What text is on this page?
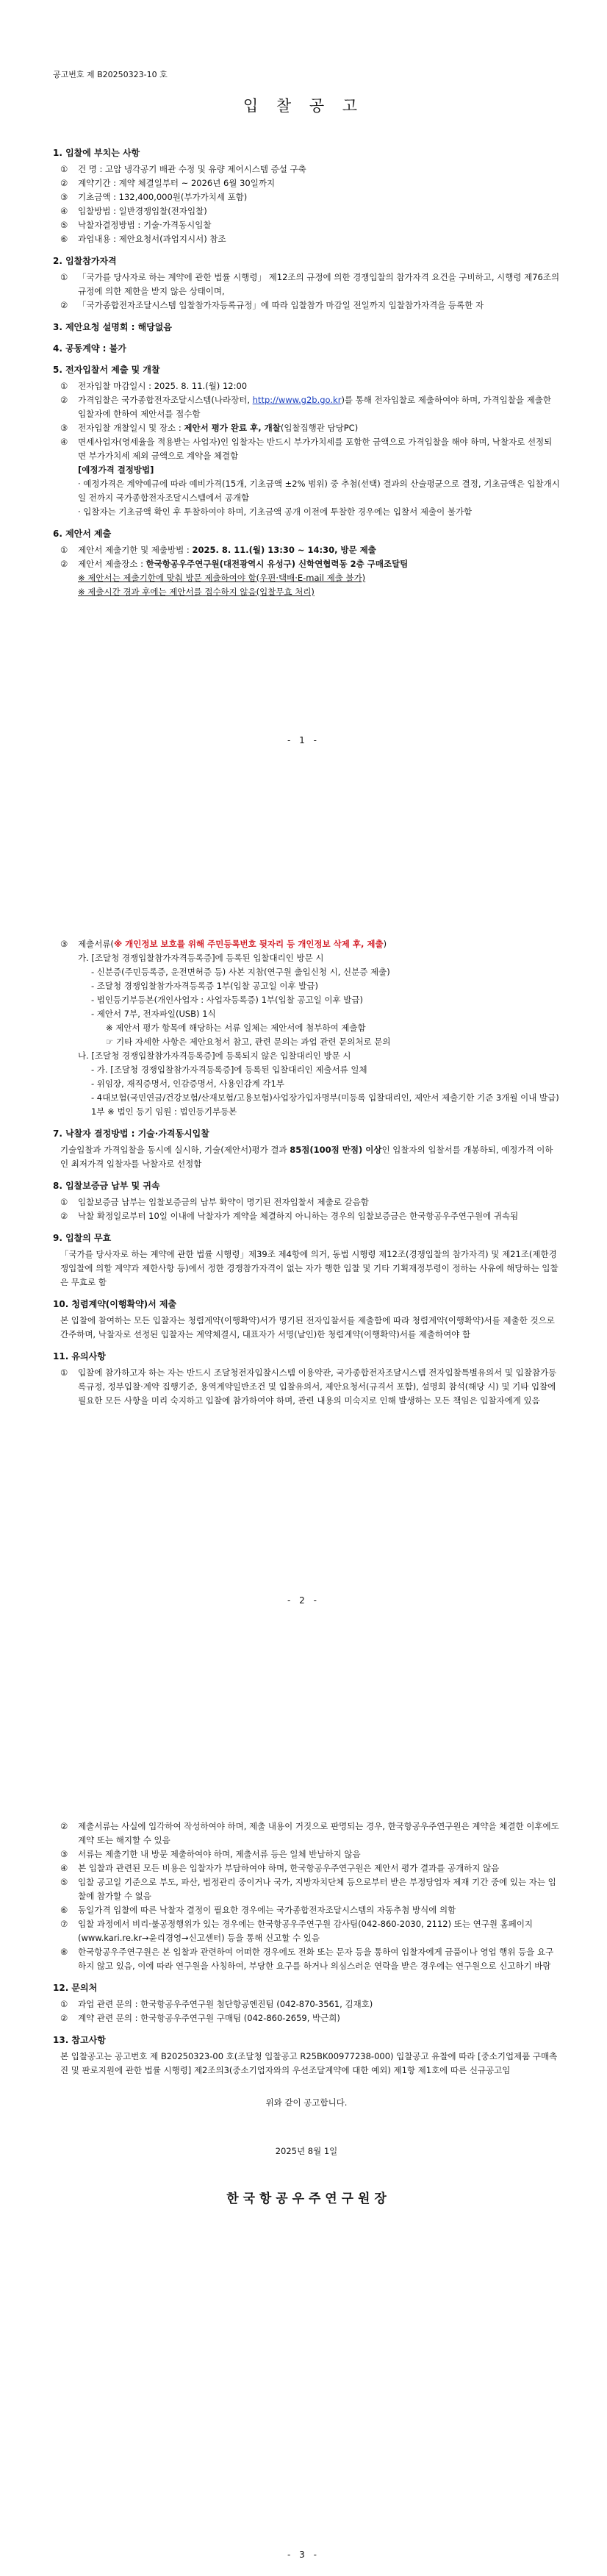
공고번호 제 B20250323-10 호
입 찰 공 고
1. 입찰에 부치는 사항
①	건 명 : 고압 냉각공기 배관 수정 및 유량 제어시스템 증설 구축
②	계약기간 : 계약 체결일부터 ~ 2026년 6월 30일까지
③	기초금액 : 132,400,000원(부가가치세 포함)
④	입찰방법 : 일반경쟁입찰(전자입찰)
⑤	낙찰자결정방법 : 기술·가격동시입찰
⑥	과업내용 : 제안요청서(과업지시서) 참조
2. 입찰참가자격
①	「국가를 당사자로 하는 계약에 관한 법률 시행령」 제12조의 규정에 의한 경쟁입찰의 참가자격 요건을 구비하고, 시행령 제76조의 규정에 의한 제한을 받지 않은 상태이며,
②	「국가종합전자조달시스템 입찰참가자등록규정」에 따라 입찰참가 마감일 전일까지 입찰참가자격을 등록한 자
3. 제안요청 설명회 : 해당없음
4. 공동계약 : 불가
5. 전자입찰서 제출 및 개찰
①	전자입찰 마감일시 : 2025. 8. 11.(월) 12:00
②	가격입찰은 국가종합전자조달시스템(나라장터, http://www.g2b.go.kr)를 통해 전자입찰로 제출하여야 하며, 가격입찰을 제출한 입찰자에 한하여 제안서를 접수함
③	전자입찰 개찰일시 및 장소 : 제안서 평가 완료 후, 개찰(입찰집행관 담당PC)
④	면세사업자(영세율을 적용받는 사업자)인 입찰자는 반드시 부가가치세를 포함한 금액으로 가격입찰을 해야 하며, 낙찰자로 선정되면 부가가치세 제외 금액으로 계약을 체결함
[예정가격 결정방법]
· 예정가격은 계약예규에 따라 예비가격(15개, 기초금액 ±2% 범위) 중 추첨(선택) 결과의 산술평균으로 결정, 기초금액은 입찰개시일 전까지 국가종합전자조달시스템에서 공개함
· 입찰자는 기초금액 확인 후 투찰하여야 하며, 기초금액 공개 이전에 투찰한 경우에는 입찰서 제출이 불가함
6. 제안서 제출
①	제안서 제출기한 및 제출방법 : 2025. 8. 11.(월) 13:30 ~ 14:30, 방문 제출
②	제안서 제출장소 : 한국항공우주연구원(대전광역시 유성구) 신학연협력동 2층 구매조달팀
※ 제안서는 제출기한에 맞춰 방문 제출하여야 함(우편·택배·E-mail 제출 불가)
※ 제출시간 경과 후에는 제안서를 접수하지 않음(입찰무효 처리)
- 1 -
③	제출서류(※ 개인정보 보호를 위해 주민등록번호 뒷자리 등 개인정보 삭제 후, 제출)
가. [조달청 경쟁입찰참가자격등록증]에 등록된 입찰대리인 방문 시
- 신분증(주민등록증, 운전면허증 등) 사본 지참(연구원 출입신청 시, 신분증 제출)
- 조달청 경쟁입찰참가자격등록증 1부(입찰 공고일 이후 발급)
- 법인등기부등본(개인사업자 : 사업자등록증) 1부(입찰 공고일 이후 발급)
- 제안서 7부, 전자파일(USB) 1식
※ 제안서 평가 항목에 해당하는 서류 일체는 제안서에 첨부하여 제출함
☞ 기타 자세한 사항은 제안요청서 참고, 관련 문의는 과업 관련 문의처로 문의
나. [조달청 경쟁입찰참가자격등록증]에 등록되지 않은 입찰대리인 방문 시
- 가. [조달청 경쟁입찰참가자격등록증]에 등록된 입찰대리인 제출서류 일체
- 위임장, 재직증명서, 인감증명서, 사용인감계 각1부
- 4대보험(국민연금/건강보험/산재보험/고용보험)사업장가입자명부(미등록 입찰대리인, 제안서 제출기한 기준 3개월 이내 발급) 1부 ※ 법인 등기 임원 : 법인등기부등본
7. 낙찰자 결정방법 : 기술·가격동시입찰
기술입찰과 가격입찰을 동시에 실시하, 기술(제안서)평가 결과 85점(100점 만점) 이상인 입찰자의 입찰서를 개봉하되, 예정가격 이하인 최저가격 입찰자를 낙찰자로 선정함
8. 입찰보증금 납부 및 귀속
①	입찰보증금 납부는 입찰보증금의 납부 확약이 명기된 전자입찰서 제출로 갈음함
②	낙찰 확정일로부터 10일 이내에 낙찰자가 계약을 체결하지 아니하는 경우의 입찰보증금은 한국항공우주연구원에 귀속됨
9. 입찰의 무효
「국가를 당사자로 하는 계약에 관한 법률 시행령」제39조 제4항에 의거, 동법 시행령 제12조(경쟁입찰의 참가자격) 및 제21조(제한경쟁입찰에 의할 계약과 제한사항 등)에서 정한 경쟁참가자격이 없는 자가 행한 입찰 및 기타 기획재정부령이 정하는 사유에 해당하는 입찰은 무효로 함
10. 청렴계약(이행확약)서 제출
본 입찰에 참여하는 모든 입찰자는 청렴계약(이행확약)서가 명기된 전자입찰서를 제출함에 따라 청렴계약(이행확약)서를 제출한 것으로 간주하며, 낙찰자로 선정된 입찰자는 계약체결시, 대표자가 서명(날인)한 청렴계약(이행확약)서를 제출하여야 함
11. 유의사항
①	입찰에 참가하고자 하는 자는 반드시 조달청전자입찰시스템 이용약관, 국가종합전자조달시스템 전자입찰특별유의서 및 입찰참가등록규정, 정부입찰·계약 집행기준, 용역계약일반조건 및 입찰유의서, 제안요청서(규격서 포함), 설명회 참석(해당 시) 및 기타 입찰에 필요한 모든 사항을 미리 숙지하고 입찰에 참가하여야 하며, 관련 내용의 미숙지로 인해 발생하는 모든 책임은 입찰자에게 있음
- 2 -
②	제출서류는 사실에 입각하여 작성하여야 하며, 제출 내용이 거짓으로 판명되는 경우, 한국항공우주연구원은 계약을 체결한 이후에도 계약 또는 해지할 수 있음
③	서류는 제출기한 내 방문 제출하여야 하며, 제출서류 등은 일체 반납하지 않음
④	본 입찰과 관련된 모든 비용은 입찰자가 부담하여야 하며, 한국항공우주연구원은 제안서 평가 결과를 공개하지 않음
⑤	입찰 공고일 기준으로 부도, 파산, 법정관리 중이거나 국가, 지방자치단체 등으로부터 받은 부정당업자 제재 기간 중에 있는 자는 입찰에 참가할 수 없음
⑥	동일가격 입찰에 따른 낙찰자 결정이 필요한 경우에는 국가종합전자조달시스템의 자동추첨 방식에 의함
⑦	입찰 과정에서 비리·불공정행위가 있는 경우에는 한국항공우주연구원 감사팀(042-860-2030, 2112) 또는 연구원 홈페이지(www.kari.re.kr→윤리경영→신고센터) 등을 통해 신고할 수 있음
⑧	한국항공우주연구원은 본 입찰과 관련하여 어떠한 경우에도 전화 또는 문자 등을 통하여 입찰자에게 금품이나 영업 행위 등을 요구하지 않고 있음, 이에 따라 연구원을 사칭하여, 부당한 요구를 하거나 의심스러운 연락을 받은 경우에는 연구원으로 신고하기 바람
12. 문의처
①	과업 관련 문의 : 한국항공우주연구원 첨단항공엔진팀 (042-870-3561, 김재호)
②	계약 관련 문의 : 한국항공우주연구원 구매팀 (042-860-2659, 박근희)
13. 참고사항
본 입찰공고는 공고번호 제 B20250323-00 호(조달청 입찰공고 R25BK00977238-000) 입찰공고 유찰에 따라 [중소기업제품 구매촉진 및 판로지원에 관한 법률 시행령] 제2조의3(중소기업자와의 우선조달계약에 대한 예외) 제1항 제1호에 따른 신규공고임
위와 같이 공고합니다.
2025년 8월 1일
한 국 항 공 우 주 연 구 원 장
- 3 -
